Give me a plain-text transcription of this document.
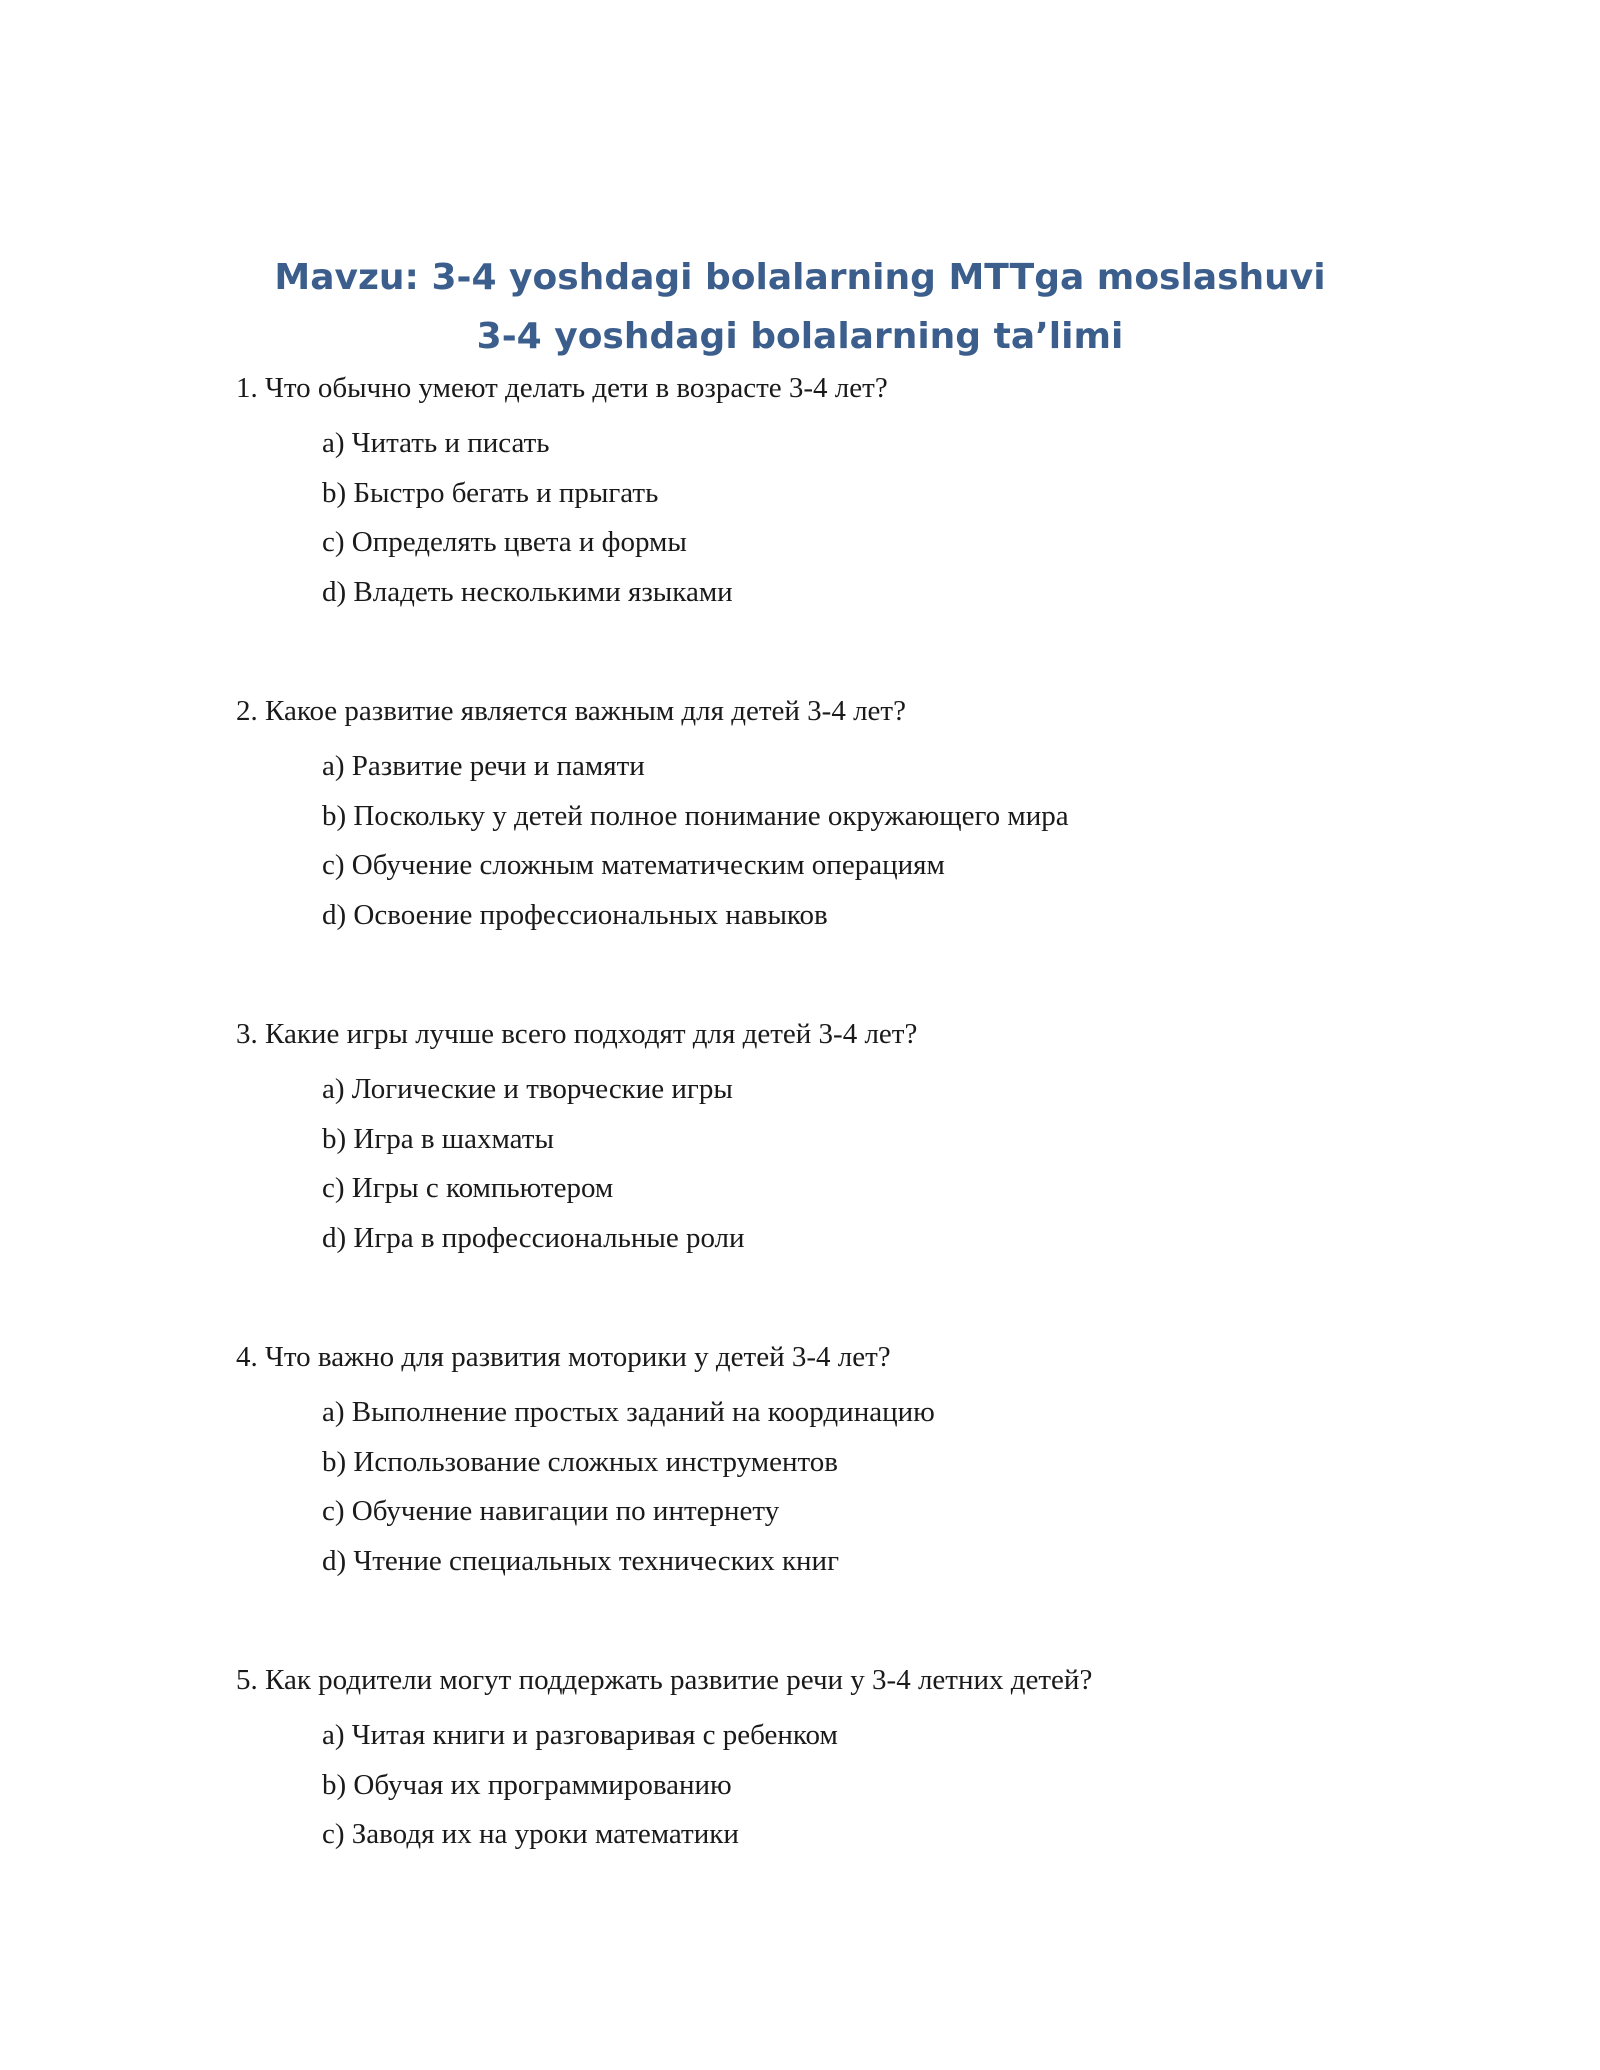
Mavzu: 3-4 yoshdagi bolalarning MTTga moslashuvi
3-4 yoshdagi bolalarning ta’limi
1. Что обычно умеют делать дети в возрасте 3-4 лет?
a) Читать и писать
b) Быстро бегать и прыгать
c) Определять цвета и формы
d) Владеть несколькими языками
2. Какое развитие является важным для детей 3-4 лет?
a) Развитие речи и памяти
b) Поскольку у детей полное понимание окружающего мира
c) Обучение сложным математическим операциям
d) Освоение профессиональных навыков
3. Какие игры лучше всего подходят для детей 3-4 лет?
a) Логические и творческие игры
b) Игра в шахматы
c) Игры с компьютером
d) Игра в профессиональные роли
4. Что важно для развития моторики у детей 3-4 лет?
a) Выполнение простых заданий на координацию
b) Использование сложных инструментов
c) Обучение навигации по интернету
d) Чтение специальных технических книг
5. Как родители могут поддержать развитие речи у 3-4 летних детей?
a) Читая книги и разговаривая с ребенком
b) Обучая их программированию
c) Заводя их на уроки математики
